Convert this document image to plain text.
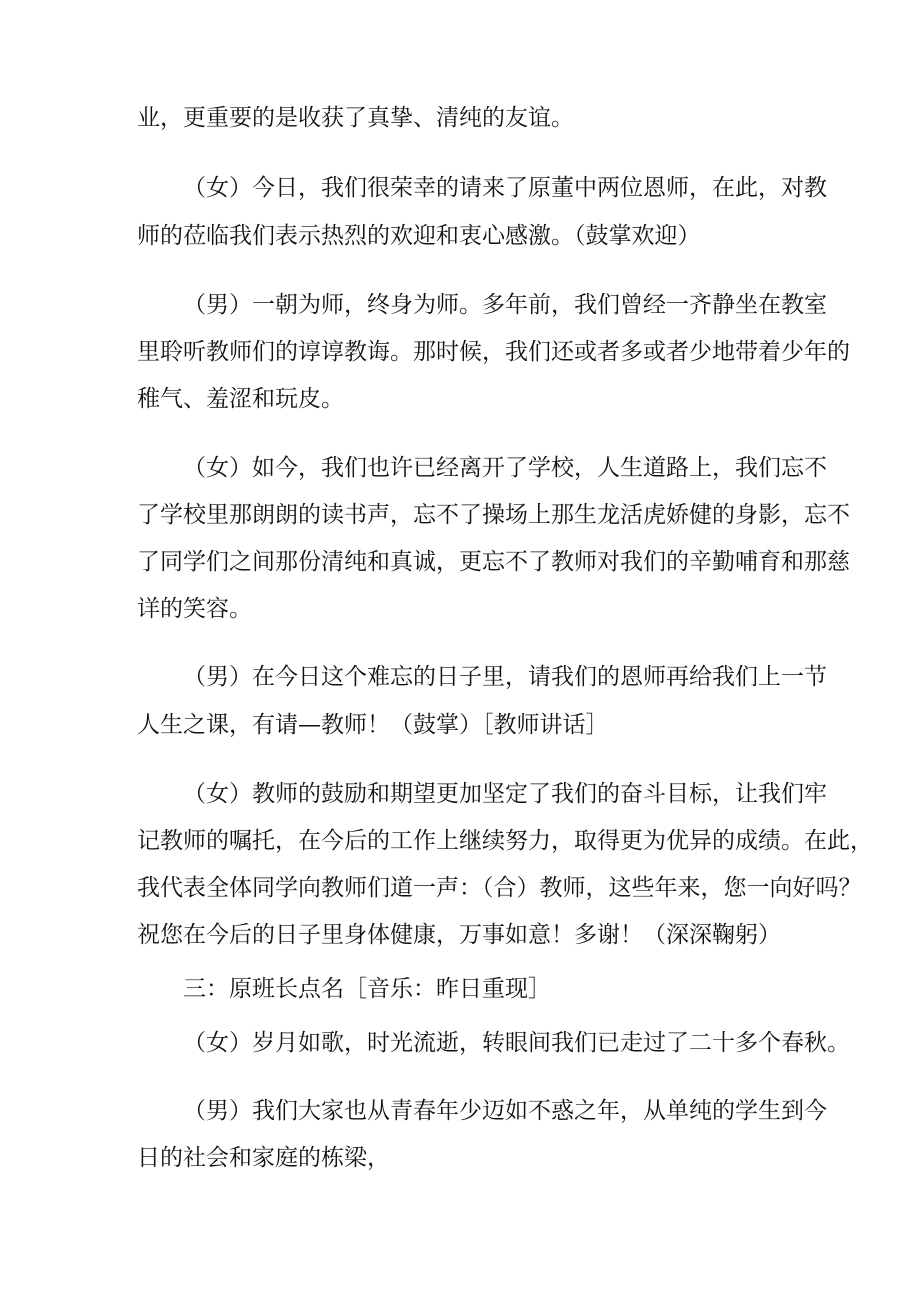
业，更重要的是收获了真挚、清纯的友谊。
（女）今日，我们很荣幸的请来了原董中两位恩师，在此，对教
师的莅临我们表示热烈的欢迎和衷心感激。（鼓掌欢迎）
（男）一朝为师，终身为师。多年前，我们曾经一齐静坐在教室
里聆听教师们的谆谆教诲。那时候，我们还或者多或者少地带着少年的
稚气、羞涩和玩皮。
（女）如今，我们也许已经离开了学校，人生道路上，我们忘不
了学校里那朗朗的读书声，忘不了操场上那生龙活虎娇健的身影，忘不
了同学们之间那份清纯和真诚，更忘不了教师对我们的辛勤哺育和那慈
详的笑容。
（男）在今日这个难忘的日子里，请我们的恩师再给我们上一节
人生之课，有请—教师！（鼓掌）［教师讲话］
（女）教师的鼓励和期望更加坚定了我们的奋斗目标，让我们牢
记教师的嘱托，在今后的工作上继续努力，取得更为优异的成绩。在此，
我代表全体同学向教师们道一声：（合）教师，这些年来，您一向好吗？
祝您在今后的日子里身体健康，万事如意！多谢！（深深鞠躬）
三：原班长点名［音乐：昨日重现］
（女）岁月如歌，时光流逝，转眼间我们已走过了二十多个春秋。
（男）我们大家也从青春年少迈如不惑之年，从单纯的学生到今
日的社会和家庭的栋梁，
